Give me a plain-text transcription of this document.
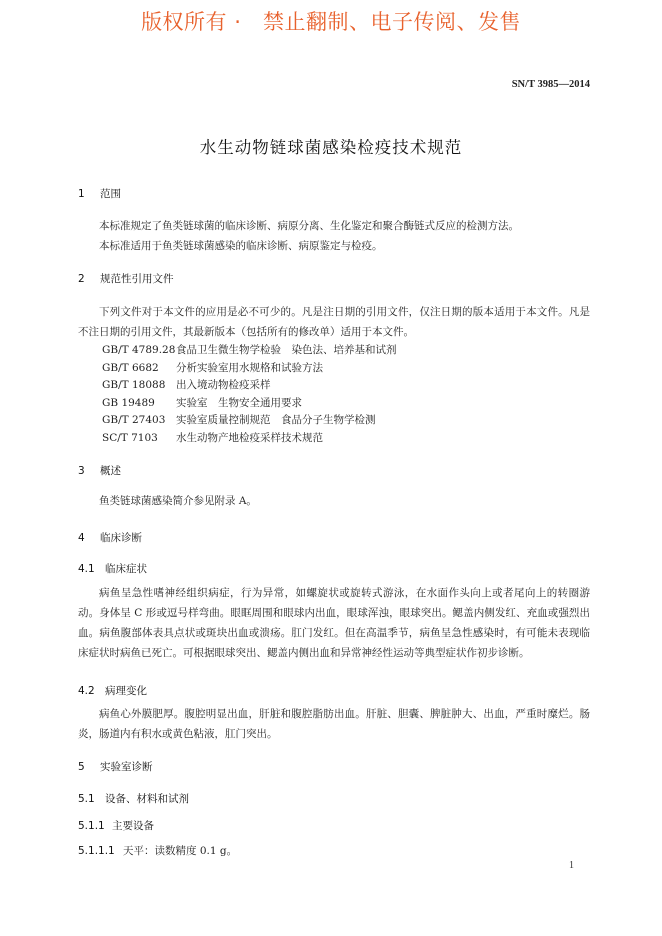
版权所有 ·   禁止翻制、电子传阅、发售
SN/T 3985—2014
水生动物链球菌感染检疫技术规范
1 范围
本标准规定了鱼类链球菌的临床诊断、病原分离、生化鉴定和聚合酶链式反应的检测方法。
本标准适用于鱼类链球菌感染的临床诊断、病原鉴定与检疫。
2 规范性引用文件
下列文件对于本文件的应用是必不可少的。凡是注日期的引用文件，仅注日期的版本适用于本文件。凡是不注日期的引用文件，其最新版本（包括所有的修改单）适用于本文件。
GB/T 4789.28食品卫生微生物学检验　染色法、培养基和试剂
GB/T 6682 分析实验室用水规格和试验方法
GB/T 18088 出入境动物检疫采样
GB 19489 实验室　生物安全通用要求
GB/T 27403 实验室质量控制规范　食品分子生物学检测
SC/T 7103 水生动物产地检疫采样技术规范
3 概述
鱼类链球菌感染简介参见附录 A。
4 临床诊断
4.1 临床症状
病鱼呈急性嗜神经组织病症，行为异常，如螺旋状或旋转式游泳，在水面作头向上或者尾向上的转圈游动。身体呈 C 形或逗号样弯曲。眼眶周围和眼球内出血，眼球浑浊，眼球突出。鳃盖内侧发红、充血或强烈出血。病鱼腹部体表具点状或斑块出血或溃疡。肛门发红。但在高温季节，病鱼呈急性感染时，有可能未表现临床症状时病鱼已死亡。可根据眼球突出、鳃盖内侧出血和异常神经性运动等典型症状作初步诊断。
4.2 病理变化
病鱼心外膜肥厚。腹腔明显出血，肝脏和腹腔脂肪出血。肝脏、胆囊、脾脏肿大、出血，严重时糜烂。肠炎，肠道内有积水或黄色粘液，肛门突出。
5 实验室诊断
5.1 设备、材料和试剂
5.1.1 主要设备
5.1.1.1 天平：读数精度 0.1 g。
1
